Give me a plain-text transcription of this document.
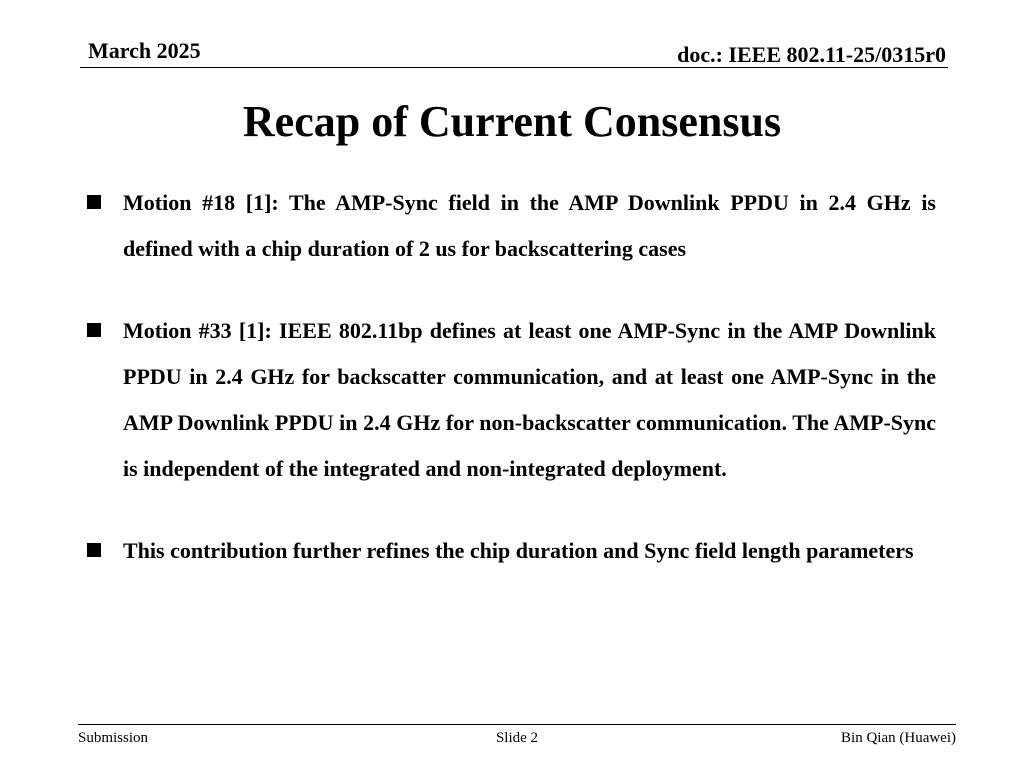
March 2025	doc.: IEEE 802.11-25/0315r0
Recap of Current Consensus
Motion #18 [1]: The AMP-Sync field in the AMP Downlink PPDU in 2.4 GHz is defined with a chip duration of 2 us for backscattering cases
Motion #33 [1]: IEEE 802.11bp defines at least one AMP-Sync in the AMP Downlink PPDU in 2.4 GHz for backscatter communication, and at least one AMP-Sync in the AMP Downlink PPDU in 2.4 GHz for non-backscatter communication. The AMP-Sync is independent of the integrated and non-integrated deployment.
This contribution further refines the chip duration and Sync field length parameters
Submission	Slide 2	Bin Qian (Huawei)
